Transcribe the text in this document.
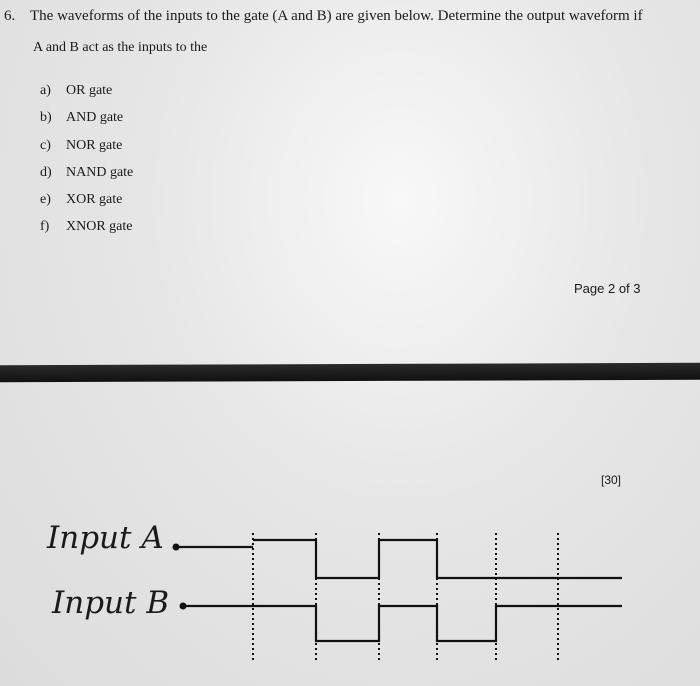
6. The waveforms of the inputs to the gate (A and B) are given below. Determine the output waveform if
A and B act as the inputs to the
a)	OR gate
b)	AND gate
c)	NOR gate
d)	NAND gate
e)	XOR gate
f)	XNOR gate
Page 2 of 3
[30]
Input A
Input B
